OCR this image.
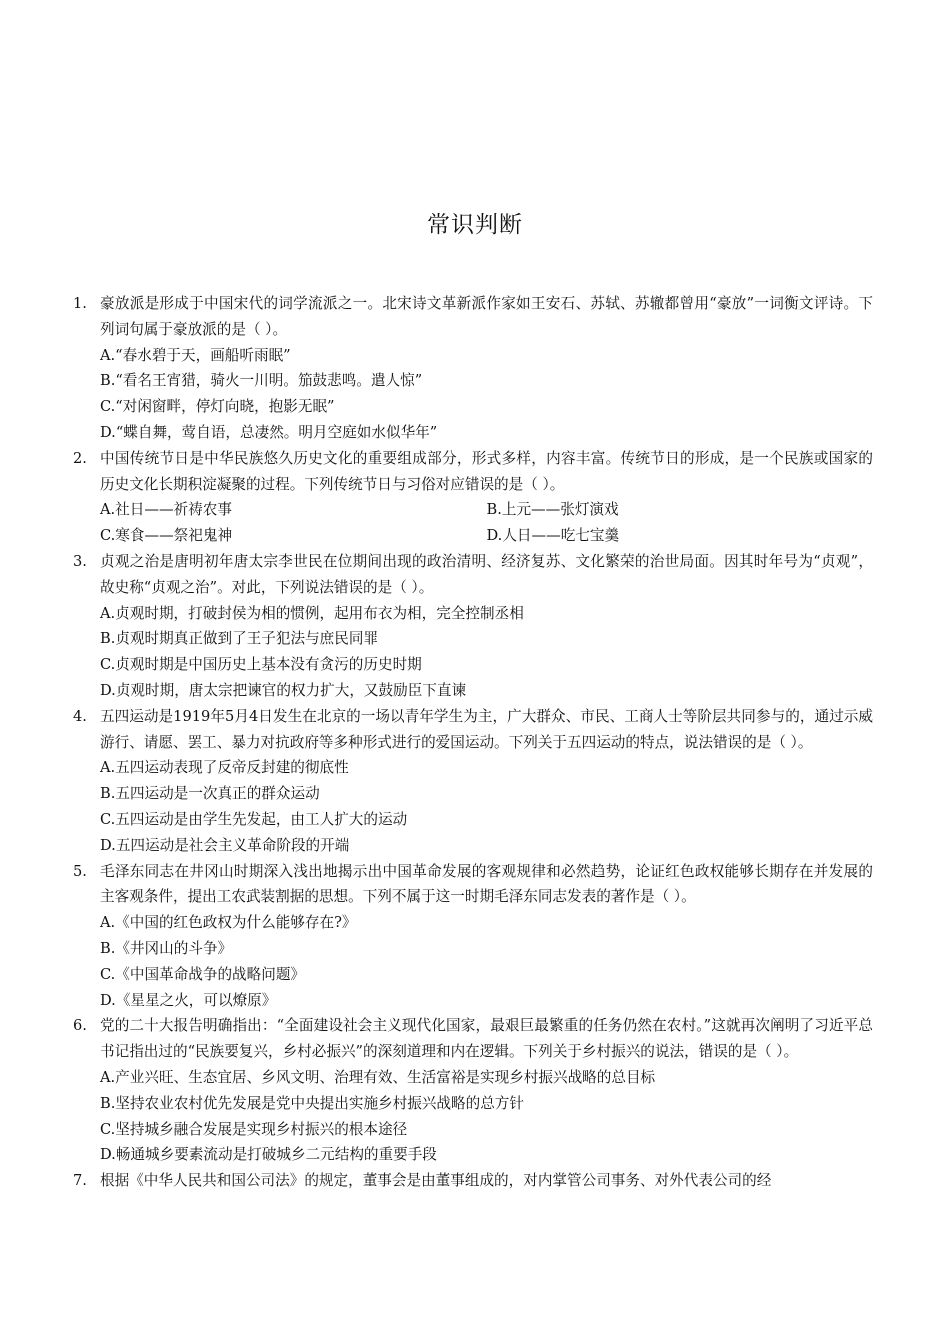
常识判断
1. 豪放派是形成于中国宋代的词学流派之一。北宋诗文革新派作家如王安石、苏轼、苏辙都曾用“豪放”一词衡文评诗。下列词句属于豪放派的是（ ）。
A.“春水碧于天，画船听雨眠”
B.“看名王宵猎，骑火一川明。笳鼓悲鸣。遣人惊”
C.“对闲窗畔，停灯向晓，抱影无眠”
D.“蝶自舞，莺自语，总凄然。明月空庭如水似华年”
2. 中国传统节日是中华民族悠久历史文化的重要组成部分，形式多样，内容丰富。传统节日的形成，是一个民族或国家的历史文化长期积淀凝聚的过程。下列传统节日与习俗对应错误的是（ ）。
A.社日——祈祷农事	B.上元——张灯演戏
C.寒食——祭祀鬼神	D.人日——吃七宝羹
3. 贞观之治是唐明初年唐太宗李世民在位期间出现的政治清明、经济复苏、文化繁荣的治世局面。因其时年号为“贞观”，故史称“贞观之治”。对此，下列说法错误的是（ ）。
A.贞观时期，打破封侯为相的惯例，起用布衣为相，完全控制丞相
B.贞观时期真正做到了王子犯法与庶民同罪
C.贞观时期是中国历史上基本没有贪污的历史时期
D.贞观时期，唐太宗把谏官的权力扩大，又鼓励臣下直谏
4. 五四运动是1919年5月4日发生在北京的一场以青年学生为主，广大群众、市民、工商人士等阶层共同参与的，通过示威游行、请愿、罢工、暴力对抗政府等多种形式进行的爱国运动。下列关于五四运动的特点，说法错误的是（ ）。
A.五四运动表现了反帝反封建的彻底性
B.五四运动是一次真正的群众运动
C.五四运动是由学生先发起，由工人扩大的运动
D.五四运动是社会主义革命阶段的开端
5. 毛泽东同志在井冈山时期深入浅出地揭示出中国革命发展的客观规律和必然趋势，论证红色政权能够长期存在并发展的主客观条件，提出工农武装割据的思想。下列不属于这一时期毛泽东同志发表的著作是（ ）。
A.《中国的红色政权为什么能够存在?》
B.《井冈山的斗争》
C.《中国革命战争的战略问题》
D.《星星之火，可以燎原》
6. 党的二十大报告明确指出：“全面建设社会主义现代化国家，最艰巨最繁重的任务仍然在农村。”这就再次阐明了习近平总书记指出过的“民族要复兴，乡村必振兴”的深刻道理和内在逻辑。下列关于乡村振兴的说法，错误的是（ ）。
A.产业兴旺、生态宜居、乡风文明、治理有效、生活富裕是实现乡村振兴战略的总目标
B.坚持农业农村优先发展是党中央提出实施乡村振兴战略的总方针
C.坚持城乡融合发展是实现乡村振兴的根本途径
D.畅通城乡要素流动是打破城乡二元结构的重要手段
7. 根据《中华人民共和国公司法》的规定，董事会是由董事组成的，对内掌管公司事务、对外代表公司的经
